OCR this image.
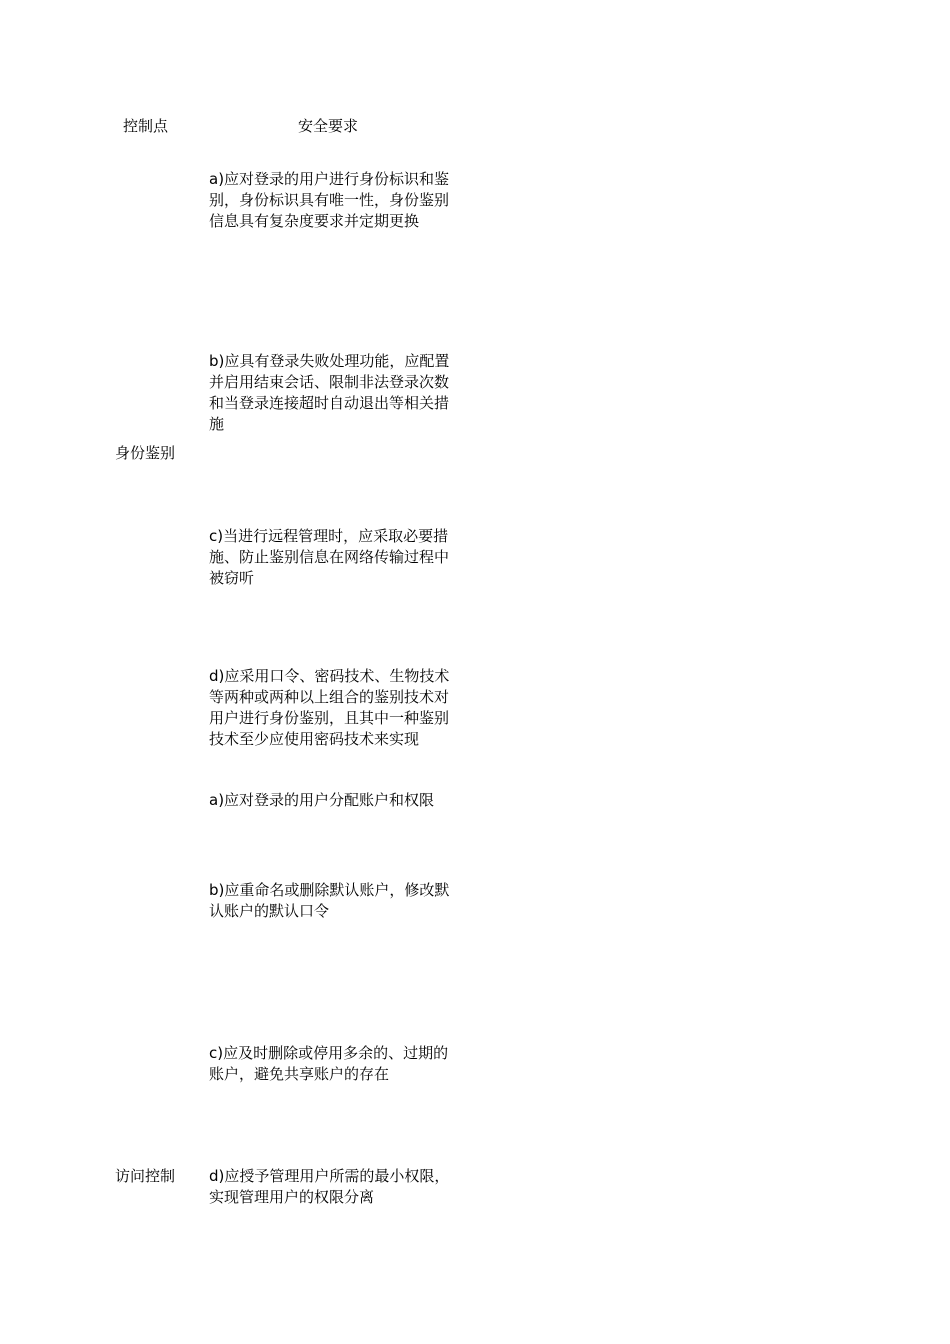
控制点	安全要求
身份鉴别
a)应对登录的用户进行身份标识和鉴别，身份标识具有唯一性，身份鉴别信息具有复杂度要求并定期更换
b)应具有登录失败处理功能，应配置并启用结束会话、限制非法登录次数和当登录连接超时自动退出等相关措施
c)当进行远程管理时，应采取必要措施、防止鉴别信息在网络传输过程中被窃听
d)应采用口令、密码技术、生物技术等两种或两种以上组合的鉴别技术对用户进行身份鉴别，且其中一种鉴别技术至少应使用密码技术来实现
a)应对登录的用户分配账户和权限
b)应重命名或删除默认账户，修改默认账户的默认口令
c)应及时删除或停用多余的、过期的账户，避免共享账户的存在
访问控制 d)应授予管理用户所需的最小权限，实现管理用户的权限分离
